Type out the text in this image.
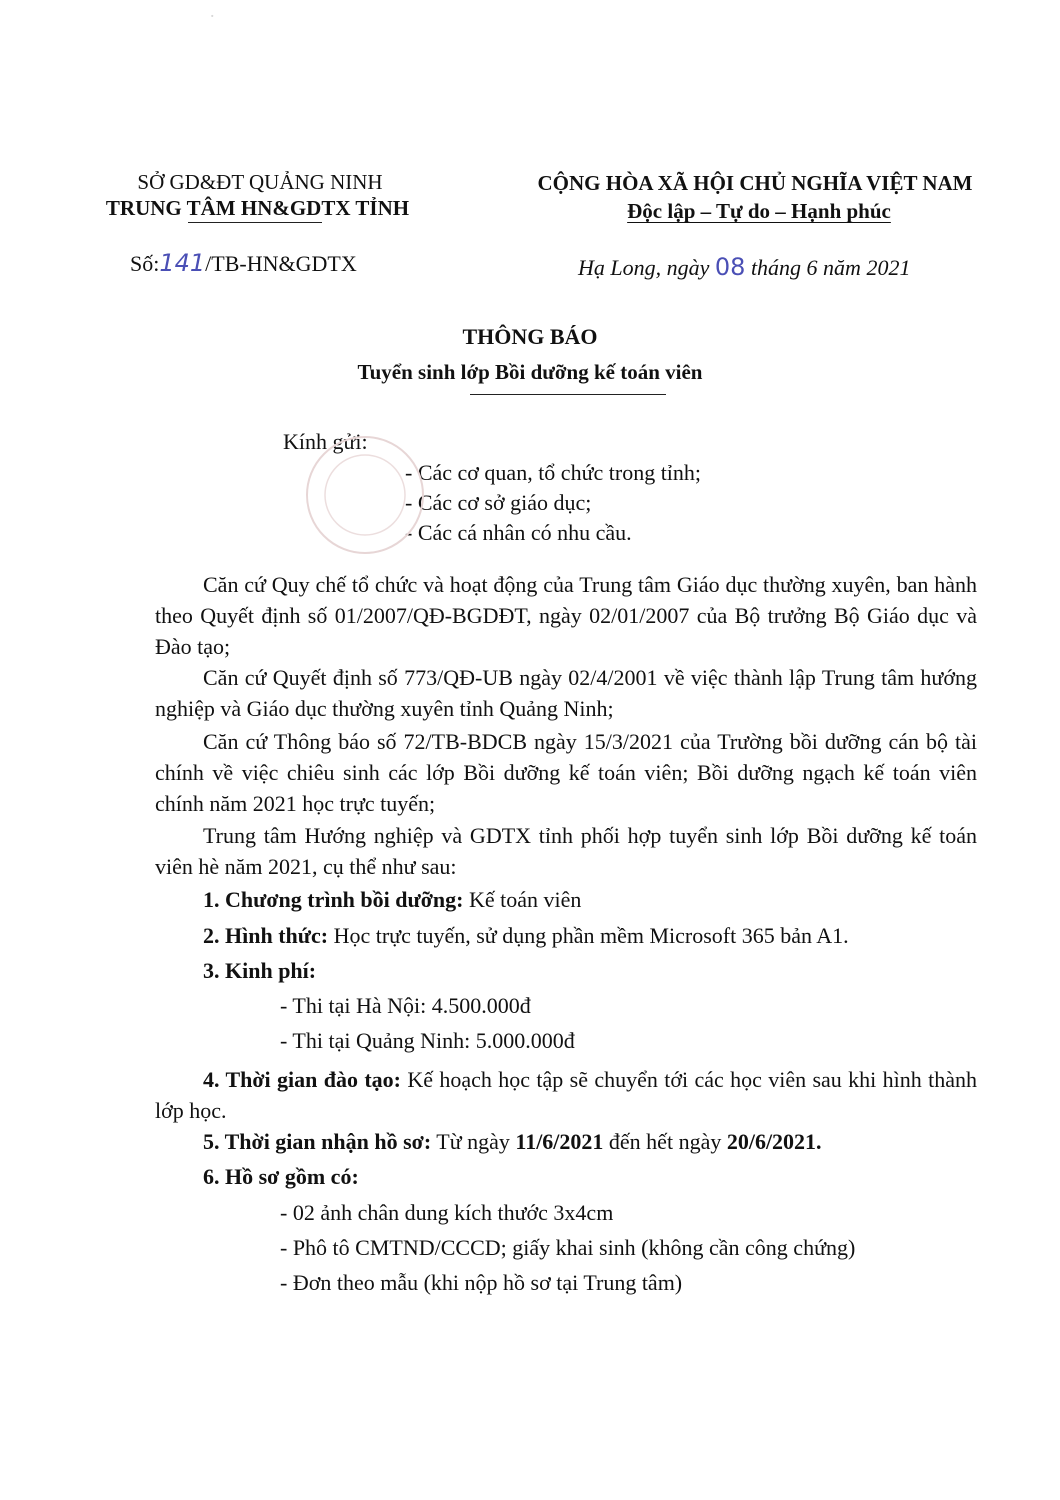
.
SỞ GD&ĐT QUẢNG NINH
TRUNG TÂM HN&GDTX TỈNH
CỘNG HÒA XÃ HỘI CHỦ NGHĨA VIỆT NAM
Độc lập – Tự do – Hạnh phúc
Số:141/TB-HN&GDTX	Hạ Long, ngày 08 tháng 6 năm 2021
THÔNG BÁO
Tuyển sinh lớp Bồi dưỡng kế toán viên
Kính gửi:
- Các cơ quan, tổ chức trong tỉnh;
- Các cơ sở giáo dục;
- Các cá nhân có nhu cầu.
Căn cứ Quy chế tổ chức và hoạt động của Trung tâm Giáo dục thường xuyên, ban hành theo Quyết định số 01/2007/QĐ-BGDĐT, ngày 02/01/2007 của Bộ trưởng Bộ Giáo dục và Đào tạo;
Căn cứ Quyết định số 773/QĐ-UB ngày 02/4/2001 về việc thành lập Trung tâm hướng nghiệp và Giáo dục thường xuyên tỉnh Quảng Ninh;
Căn cứ Thông báo số 72/TB-BDCB ngày 15/3/2021 của Trường bồi dưỡng cán bộ tài chính về việc chiêu sinh các lớp Bồi dưỡng kế toán viên; Bồi dưỡng ngạch kế toán viên chính năm 2021 học trực tuyến;
Trung tâm Hướng nghiệp và GDTX tỉnh phối hợp tuyển sinh lớp Bồi dưỡng kế toán viên hè năm 2021, cụ thể như sau:
1. Chương trình bồi dưỡng: Kế toán viên
2. Hình thức: Học trực tuyến, sử dụng phần mềm Microsoft 365 bản A1.
3. Kinh phí:
- Thi tại Hà Nội: 4.500.000đ
- Thi tại Quảng Ninh: 5.000.000đ
4. Thời gian đào tạo: Kế hoạch học tập sẽ chuyển tới các học viên sau khi hình thành lớp học.
5. Thời gian nhận hồ sơ: Từ ngày 11/6/2021 đến hết ngày 20/6/2021.
6. Hồ sơ gồm có:
- 02 ảnh chân dung kích thước 3x4cm
- Phô tô CMTND/CCCD; giấy khai sinh (không cần công chứng)
- Đơn theo mẫu (khi nộp hồ sơ tại Trung tâm)
